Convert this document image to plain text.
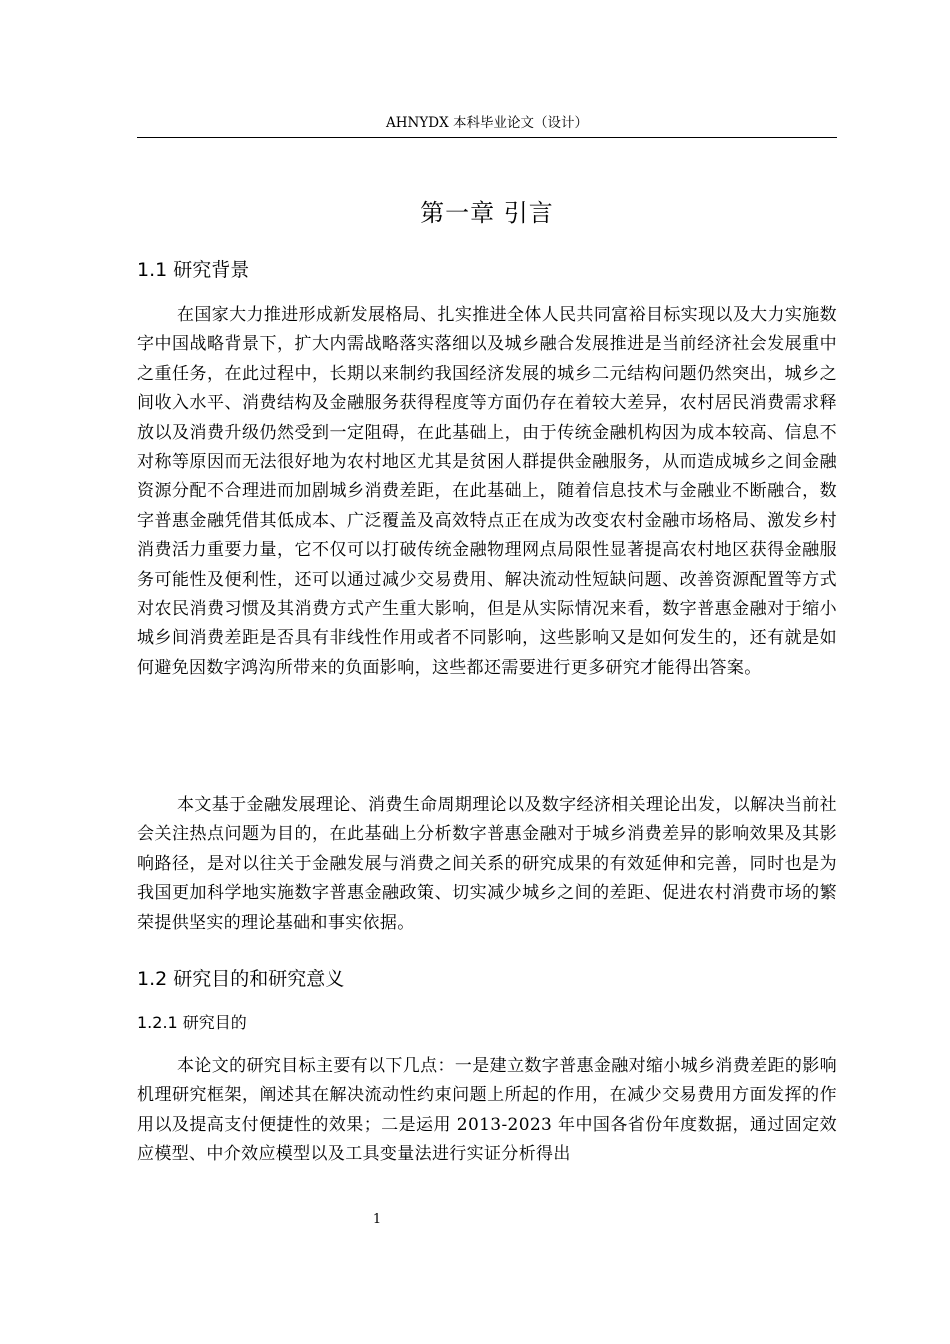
AHNYDX 本科毕业论文（设计）
第一章 引言
1.1 研究背景

在国家大力推进形成新发展格局、扎实推进全体人民共同富裕目标实现以及大力实施数字中国战略背景下，扩大内需战略落实落细以及城乡融合发展推进是当前经济社会发展重中之重任务，在此过程中，长期以来制约我国经济发展的城乡二元结构问题仍然突出，城乡之间收入水平、消费结构及金融服务获得程度等方面仍存在着较大差异，农村居民消费需求释放以及消费升级仍然受到一定阻碍，在此基础上，由于传统金融机构因为成本较高、信息不对称等原因而无法很好地为农村地区尤其是贫困人群提供金融服务，从而造成城乡之间金融资源分配不合理进而加剧城乡消费差距，在此基础上，随着信息技术与金融业不断融合，数字普惠金融凭借其低成本、广泛覆盖及高效特点正在成为改变农村金融市场格局、激发乡村消费活力重要力量，它不仅可以打破传统金融物理网点局限性显著提高农村地区获得金融服务可能性及便利性，还可以通过减少交易费用、解决流动性短缺问题、改善资源配置等方式对农民消费习惯及其消费方式产生重大影响，但是从实际情况来看，数字普惠金融对于缩小城乡间消费差距是否具有非线性作用或者不同影响，这些影响又是如何发生的，还有就是如何避免因数字鸿沟所带来的负面影响，这些都还需要进行更多研究才能得出答案。

本文基于金融发展理论、消费生命周期理论以及数字经济相关理论出发，以解决当前社会关注热点问题为目的，在此基础上分析数字普惠金融对于城乡消费差异的影响效果及其影响路径，是对以往关于金融发展与消费之间关系的研究成果的有效延伸和完善，同时也是为我国更加科学地实施数字普惠金融政策、切实减少城乡之间的差距、促进农村消费市场的繁荣提供坚实的理论基础和事实依据。

1.2 研究目的和研究意义
1.2.1 研究目的

本论文的研究目标主要有以下几点：一是建立数字普惠金融对缩小城乡消费差距的影响机理研究框架，阐述其在解决流动性约束问题上所起的作用，在减少交易费用方面发挥的作用以及提高支付便捷性的效果；二是运用 2013-2023 年中国各省份年度数据，通过固定效应模型、中介效应模型以及工具变量法进行实证分析得出

1
